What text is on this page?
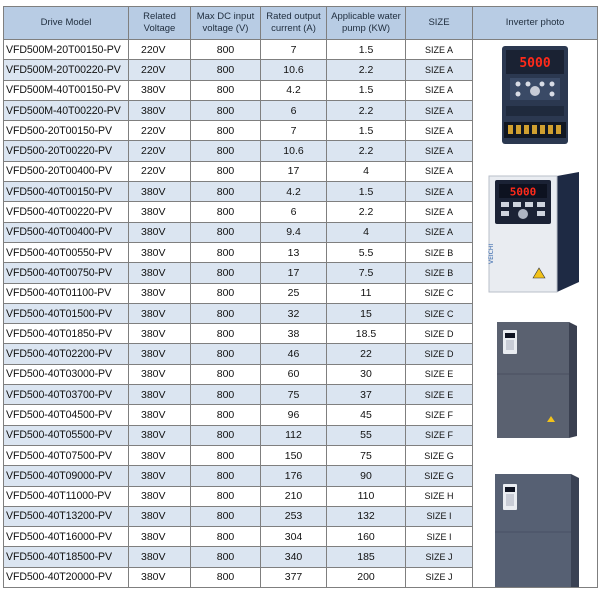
Drive Model	Related Voltage	Max DC input voltage (V)	Rated output current (A)	Applicable water pump (KW)	SIZE	Inverter photo
VFD500M-20T00150-PV	220V	800	7	1.5	SIZE A	5000
5000
VEICHI

VFD500M-20T00220-PV	220V	800	10.6	2.2	SIZE A	
VFD500M-40T00150-PV	380V	800	4.2	1.5	SIZE A	
VFD500M-40T00220-PV	380V	800	6	2.2	SIZE A	
VFD500-20T00150-PV	220V	800	7	1.5	SIZE A	
VFD500-20T00220-PV	220V	800	10.6	2.2	SIZE A	
VFD500-20T00400-PV	220V	800	17	4	SIZE A	
VFD500-40T00150-PV	380V	800	4.2	1.5	SIZE A	
VFD500-40T00220-PV	380V	800	6	2.2	SIZE A	
VFD500-40T00400-PV	380V	800	9.4	4	SIZE A	
VFD500-40T00550-PV	380V	800	13	5.5	SIZE B	
VFD500-40T00750-PV	380V	800	17	7.5	SIZE B	
VFD500-40T01100-PV	380V	800	25	11	SIZE C	
VFD500-40T01500-PV	380V	800	32	15	SIZE C	
VFD500-40T01850-PV	380V	800	38	18.5	SIZE D	
VFD500-40T02200-PV	380V	800	46	22	SIZE D	
VFD500-40T03000-PV	380V	800	60	30	SIZE E	
VFD500-40T03700-PV	380V	800	75	37	SIZE E	
VFD500-40T04500-PV	380V	800	96	45	SIZE F	
VFD500-40T05500-PV	380V	800	112	55	SIZE F	
VFD500-40T07500-PV	380V	800	150	75	SIZE G	
VFD500-40T09000-PV	380V	800	176	90	SIZE G	
VFD500-40T11000-PV	380V	800	210	110	SIZE H	
VFD500-40T13200-PV	380V	800	253	132	SIZE I	
VFD500-40T16000-PV	380V	800	304	160	SIZE I	
VFD500-40T18500-PV	380V	800	340	185	SIZE J	
VFD500-40T20000-PV	380V	800	377	200	SIZE J	
